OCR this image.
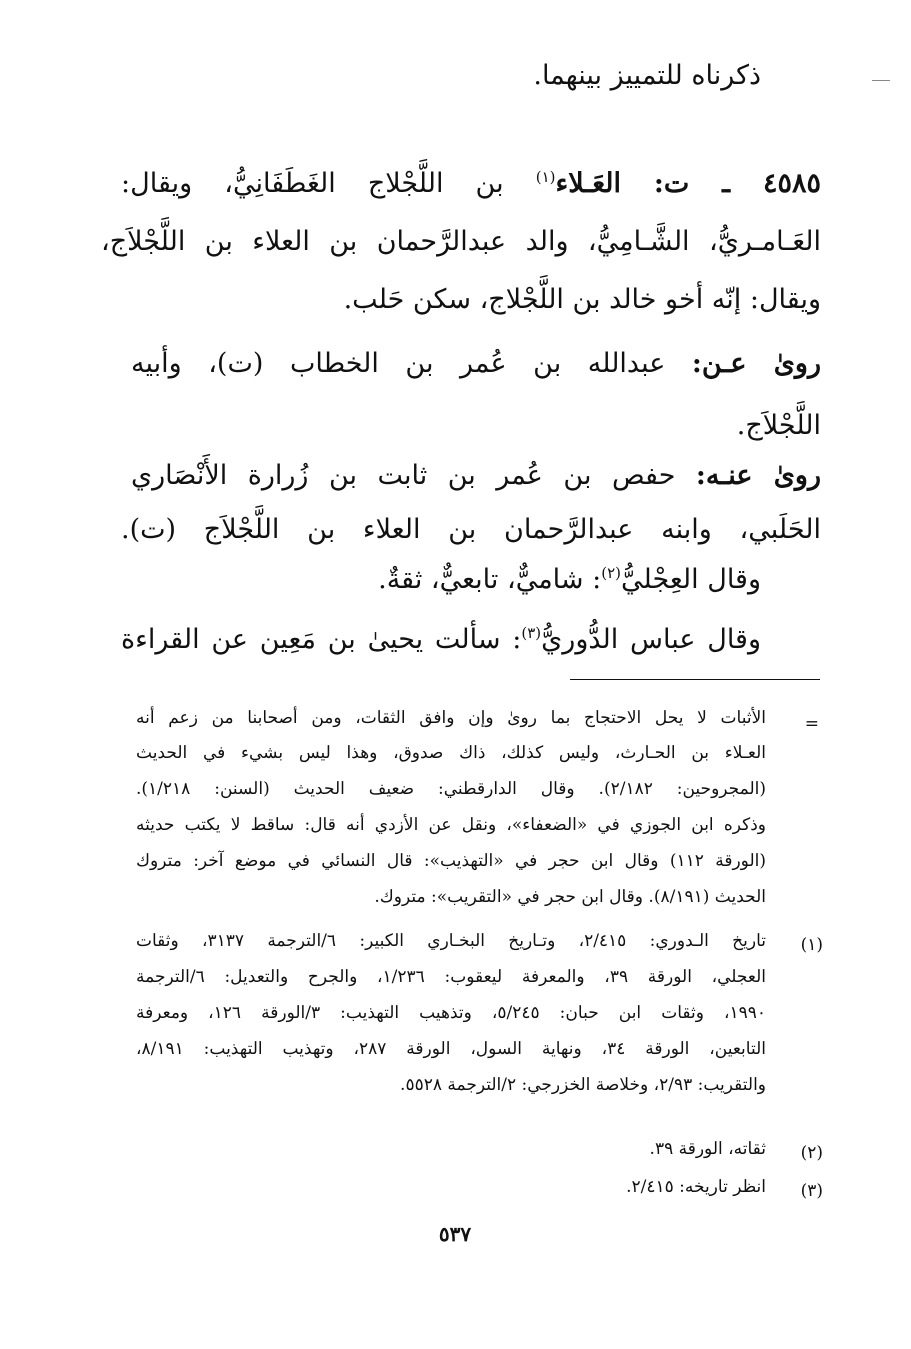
ذكرناه للتمييز بينهما.
٤٥٨٥ ـ ت: العَـلاء$^{(١)}$ بن اللَّجْلاج الغَطَفَانِيُّ، ويقال:
العَـامـريُّ، الشَّـامِيُّ، والد عبدالرَّحمان بن العلاء بن اللَّجْلاَج،
ويقال: إنّه أخو خالد بن اللَّجْلاج، سكن حَلب.
روىٰ عـن: عبدالله بن عُمر بن الخطاب (ت)، وأبيه
اللَّجْلاَج.
روىٰ عنـه: حفص بن عُمر بن ثابت بن زُرارة الأَنْصَاري
الحَلَبي، وابنه عبدالرَّحمان بن العلاء بن اللَّجْلاَج (ت).
وقال العِجْليُّ$^{(٢)}$: شاميٌّ، تابعيٌّ، ثقةٌ.
وقال عباس الدُّوريُّ$^{(٣)}$: سألت يحيىٰ بن مَعِين عن القراءة
=
الأثبات لا يحل الاحتجاج بما روىٰ وإن وافق الثقات، ومن أصحابنا من زعم أنه
العـلاء بن الحـارث، وليس كذلك، ذاك صدوق، وهذا ليس بشيء في الحديث
(المجروحين: ٢/١٨٢). وقال الدارقطني: ضعيف الحديث (السنن: ١/٢١٨).
وذكره ابن الجوزي في «الضعفاء»، ونقل عن الأزدي أنه قال: ساقط لا يكتب حديثه
(الورقة ١١٢) وقال ابن حجر في «التهذيب»: قال النسائي في موضع آخر: متروك
الحديث (٨/١٩١). وقال ابن حجر في «التقريب»: متروك.
(١)
تاريخ الـدوري: ٢/٤١٥، وتـاريخ البخـاري الكبير: ٦/الترجمة ٣١٣٧، وثقات
العجلي، الورقة ٣٩، والمعرفة ليعقوب: ١/٢٣٦، والجرح والتعديل: ٦/الترجمة
١٩٩٠، وثقات ابن حبان: ٥/٢٤٥، وتذهيب التهذيب: ٣/الورقة ١٢٦، ومعرفة
التابعين، الورقة ٣٤، ونهاية السول، الورقة ٢٨٧، وتهذيب التهذيب: ٨/١٩١،
والتقريب: ٢/٩٣، وخلاصة الخزرجي: ٢/الترجمة ٥٥٢٨.
(٢)
ثقاته، الورقة ٣٩.
(٣)
انظر تاريخه: ٢/٤١٥.
٥٣٧
